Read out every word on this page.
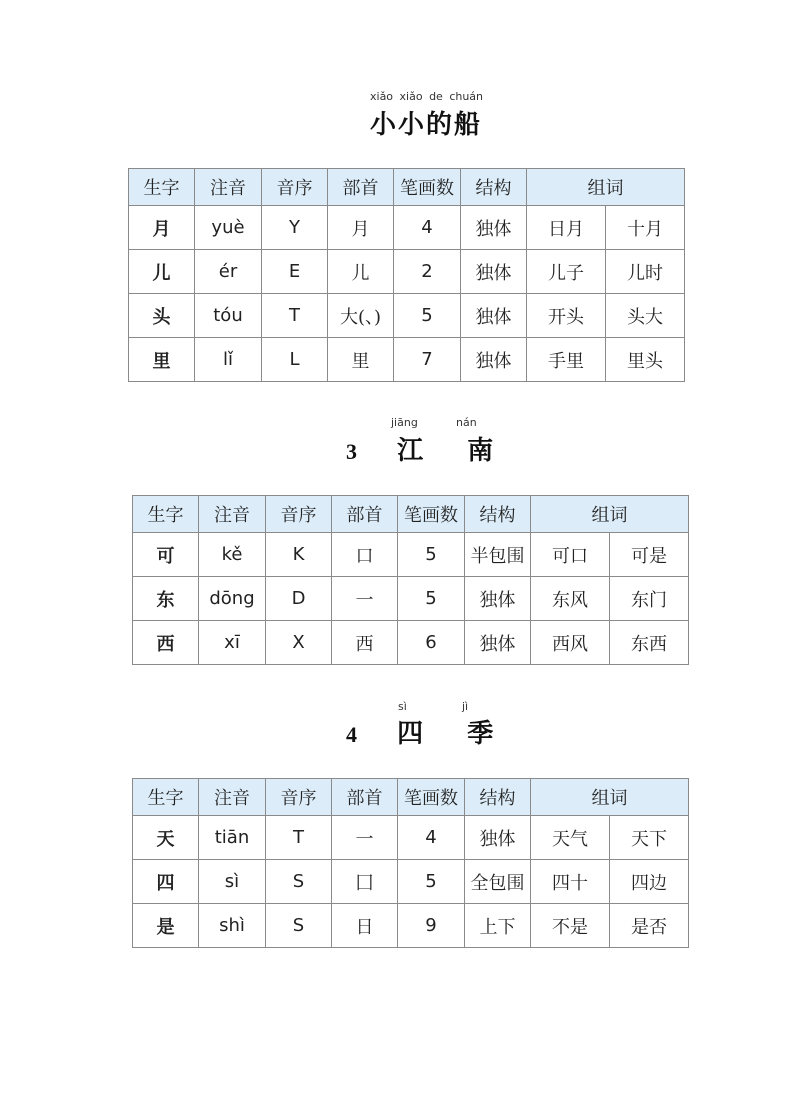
xiǎo xiǎo de chuán
小小的船
生字	注音	音序	部首	笔画数	结构	组词	
月	yuè	Y	月	4	独体	日月	十月
儿	ér	E	儿	2	独体	儿子	儿时
头	tóu	T	大(、)	5	独体	开头	头大
里	lǐ	L	里	7	独体	手里	里头
jiāng	nán
3 江 南
生字	注音	音序	部首	笔画数	结构	组词	
可	kě	K	口	5	半包围	可口	可是
东	dōng	D	一	5	独体	东风	东门
西	xī	X	西	6	独体	西风	东西
sì	jì
4 四 季
生字	注音	音序	部首	笔画数	结构	组词	
天	tiān	T	一	4	独体	天气	天下
四	sì	S	囗	5	全包围	四十	四边
是	shì	S	日	9	上下	不是	是否
